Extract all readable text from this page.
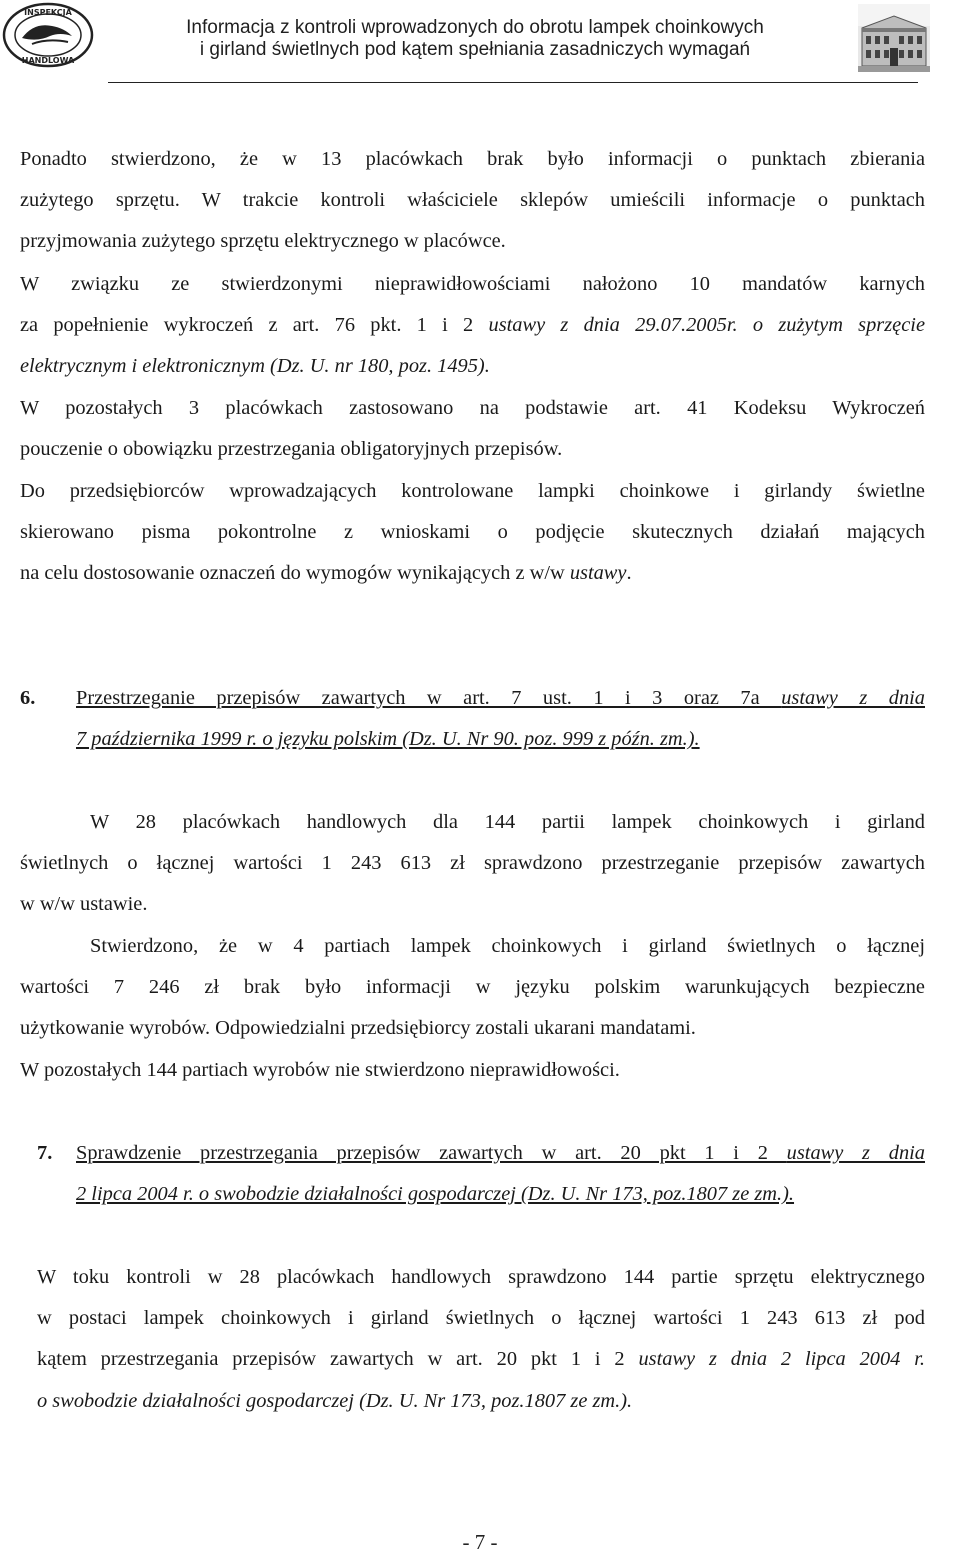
INSPEKCJA
HANDLOWA
Informacja z kontroli wprowadzonych do obrotu lampek choinkowych
i girland świetlnych pod kątem spełniania zasadniczych wymagań
Ponadto stwierdzono, że w 13 placówkach brak było informacji o punktach zbierania
zużytego sprzętu. W trakcie kontroli właściciele sklepów umieścili informacje o punktach
przyjmowania zużytego sprzętu elektrycznego w placówce.
W związku ze stwierdzonymi nieprawidłowościami nałożono 10 mandatów karnych
za popełnienie wykroczeń z art. 76 pkt. 1 i 2 ustawy z dnia 29.07.2005r. o zużytym sprzęcie
elektrycznym i elektronicznym (Dz. U. nr 180, poz. 1495).
W pozostałych 3 placówkach zastosowano na podstawie art. 41 Kodeksu Wykroczeń
pouczenie o obowiązku przestrzegania obligatoryjnych przepisów.
Do przedsiębiorców wprowadzających kontrolowane lampki choinkowe i girlandy świetlne
skierowano pisma pokontrolne z wnioskami o podjęcie skutecznych działań mających
na celu dostosowanie oznaczeń do wymogów wynikających z w/w ustawy.
6. Przestrzeganie przepisów zawartych w art. 7 ust. 1 i 3 oraz 7a ustawy z dnia
7 października 1999 r. o języku polskim (Dz. U. Nr 90. poz. 999 z późn. zm.).
W 28 placówkach handlowych dla 144 partii lampek choinkowych i girland
świetlnych o łącznej wartości 1 243 613 zł sprawdzono przestrzeganie przepisów zawartych
w w/w ustawie.
Stwierdzono, że w 4 partiach lampek choinkowych i girland świetlnych o łącznej
wartości 7 246 zł brak było informacji w języku polskim warunkujących bezpieczne
użytkowanie wyrobów. Odpowiedzialni przedsiębiorcy zostali ukarani mandatami.
W pozostałych 144 partiach wyrobów nie stwierdzono nieprawidłowości.
7. Sprawdzenie przestrzegania przepisów zawartych w art. 20 pkt 1 i 2 ustawy z dnia
2 lipca 2004 r. o swobodzie działalności gospodarczej (Dz. U. Nr 173, poz.1807 ze zm.).
W toku kontroli w 28 placówkach handlowych sprawdzono 144 partie sprzętu elektrycznego
w postaci lampek choinkowych i girland świetlnych o łącznej wartości 1 243 613 zł pod
kątem przestrzegania przepisów zawartych w art. 20 pkt 1 i 2 ustawy z dnia 2 lipca 2004 r.
o swobodzie działalności gospodarczej (Dz. U. Nr 173, poz.1807 ze zm.).
- 7 -
